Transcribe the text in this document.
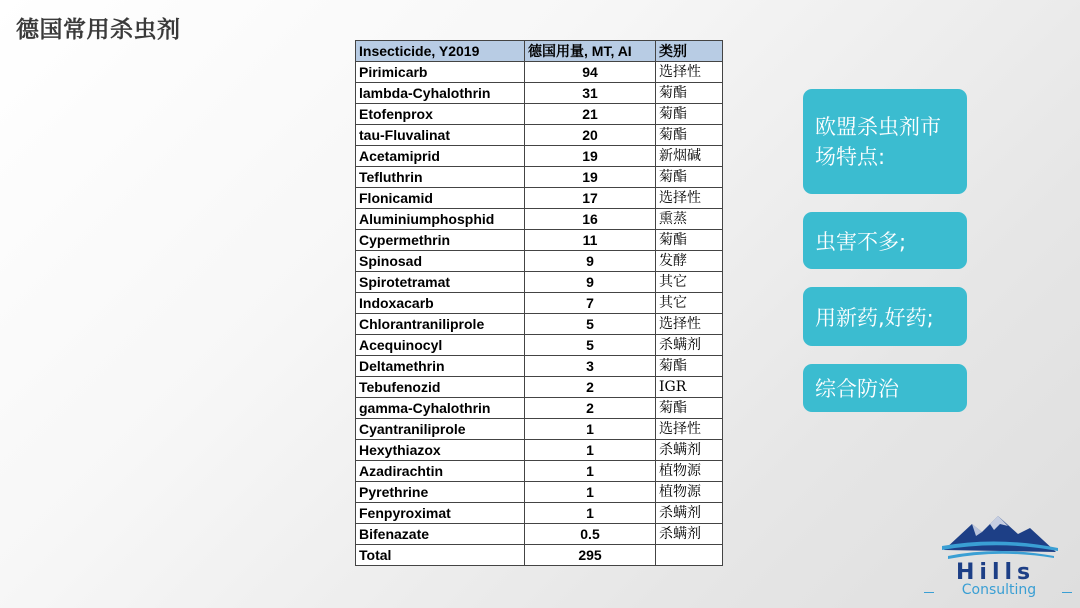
德国常用杀虫剂
Insecticide, Y2019	德国用量, MT, AI	类别
Pirimicarb	94	选择性
lambda-Cyhalothrin	31	菊酯
Etofenprox	21	菊酯
tau-Fluvalinat	20	菊酯
Acetamiprid	19	新烟碱
Tefluthrin	19	菊酯
Flonicamid	17	选择性
Aluminiumphosphid	16	熏蒸
Cypermethrin	11	菊酯
Spinosad	9	发酵
Spirotetramat	9	其它
Indoxacarb	7	其它
Chlorantraniliprole	5	选择性
Acequinocyl	5	杀螨剂
Deltamethrin	3	菊酯
Tebufenozid	2	IGR
gamma-Cyhalothrin	2	菊酯
Cyantraniliprole	1	选择性
Hexythiazox	1	杀螨剂
Azadirachtin	1	植物源
Pyrethrine	1	植物源
Fenpyroximat	1	杀螨剂
Bifenazate	0.5	杀螨剂
Total	295	
欧盟杀虫剂市场特点:
虫害不多;
用新药,好药;
综合防治
Hills
Consulting
